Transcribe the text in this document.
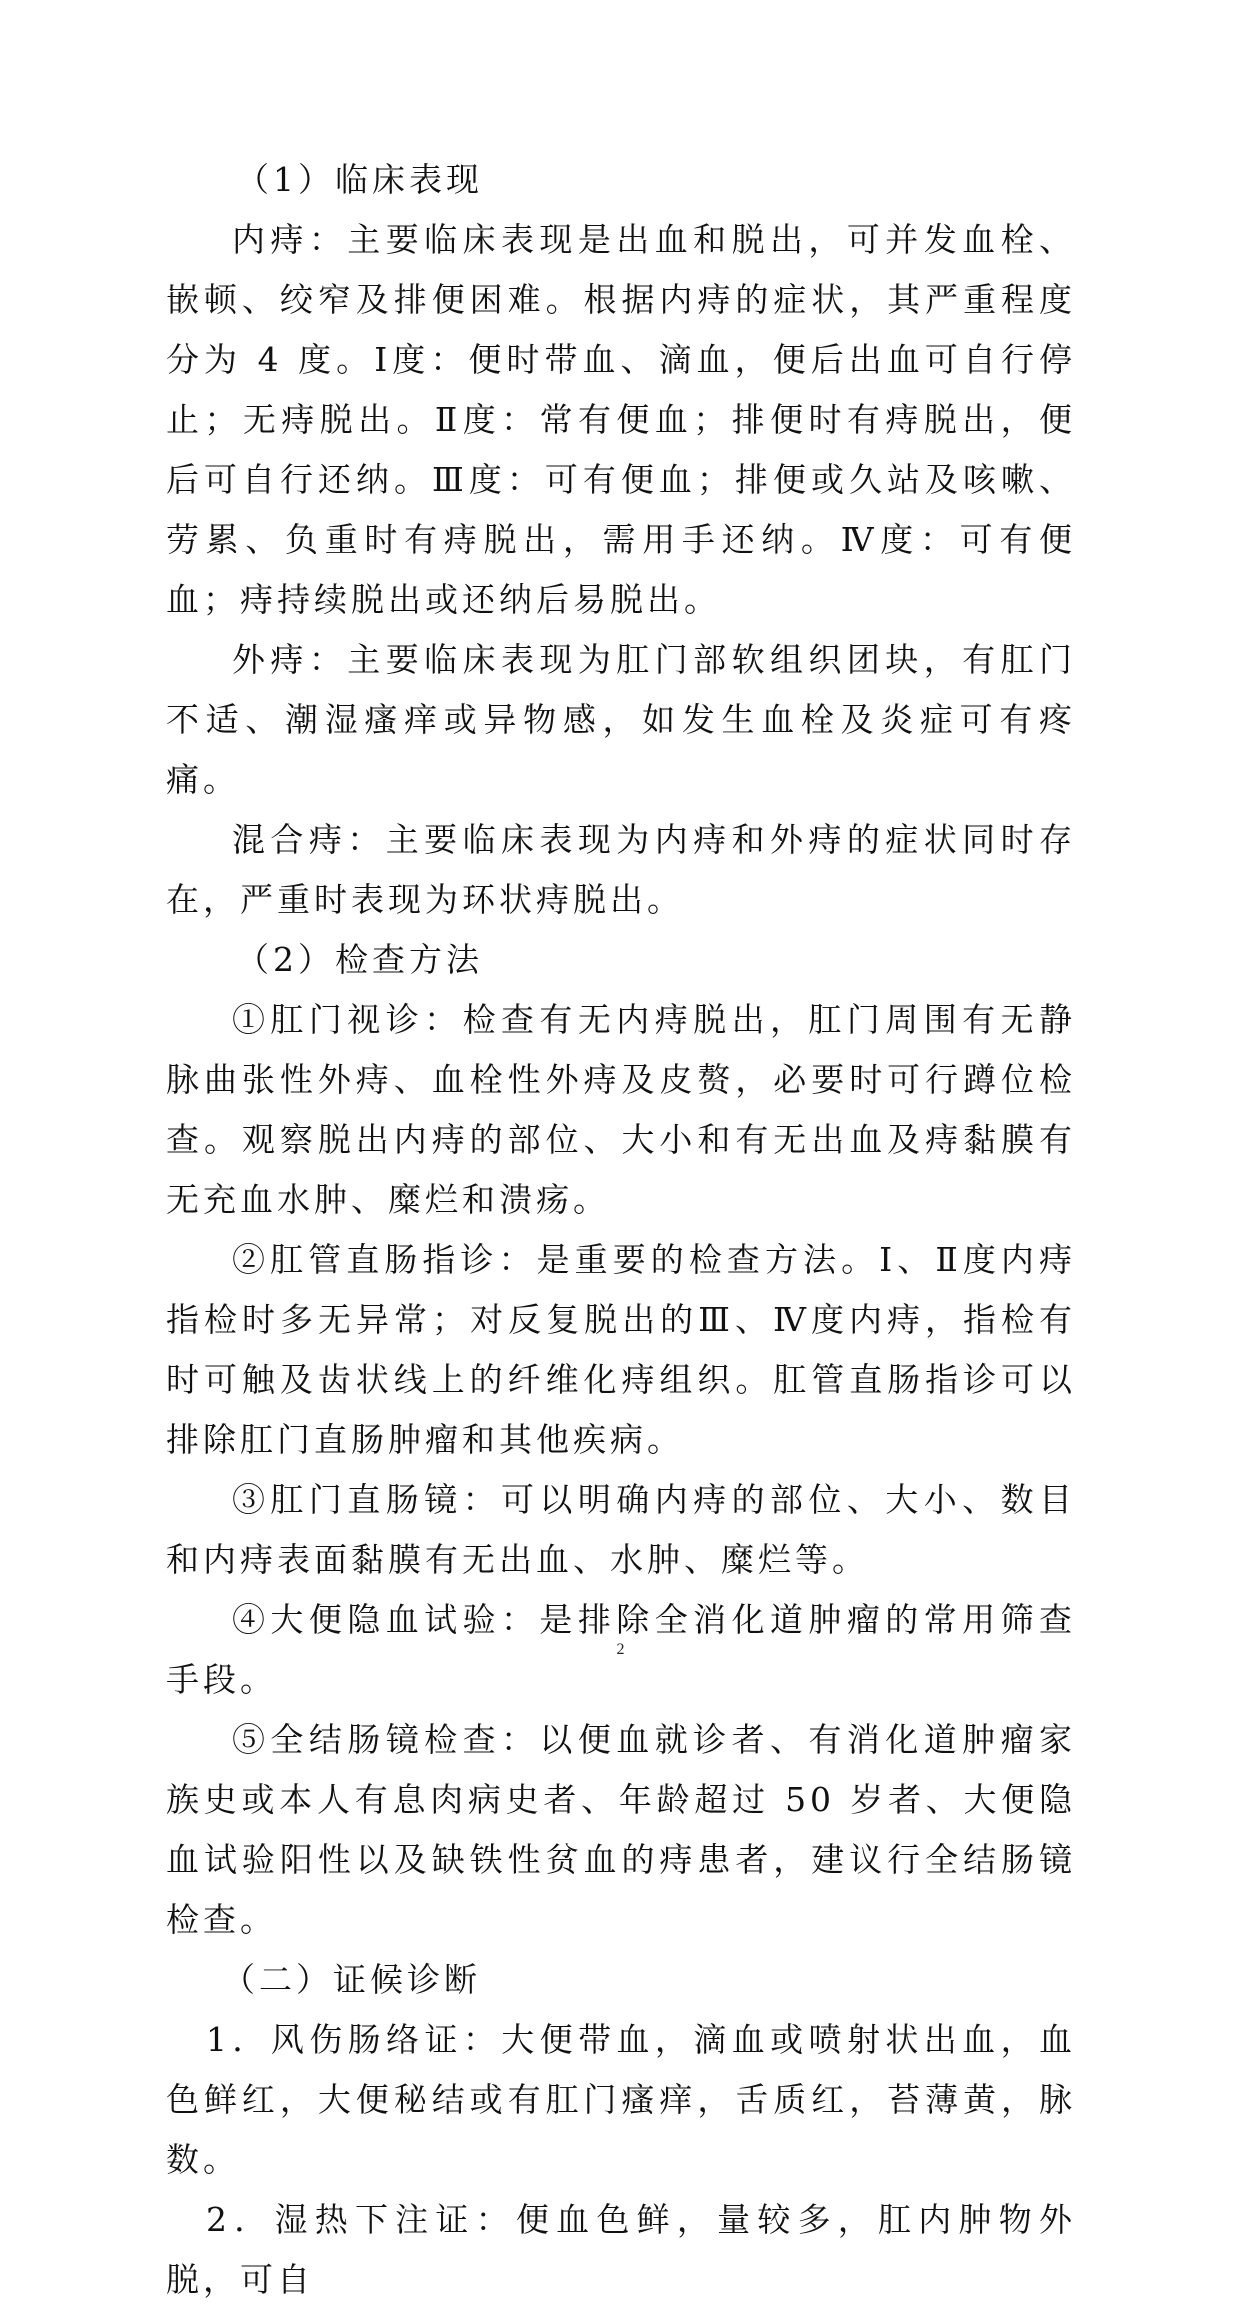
（1）临床表现

内痔：主要临床表现是出血和脱出，可并发血栓、嵌顿、绞窄及排便困难。根据内痔的症状，其严重程度分为 4 度。Ⅰ度：便时带血、滴血，便后出血可自行停止；无痔脱出。Ⅱ度：常有便血；排便时有痔脱出，便后可自行还纳。Ⅲ度：可有便血；排便或久站及咳嗽、劳累、负重时有痔脱出，需用手还纳。Ⅳ度：可有便血；痔持续脱出或还纳后易脱出。

外痔：主要临床表现为肛门部软组织团块，有肛门不适、潮湿瘙痒或异物感，如发生血栓及炎症可有疼痛。

混合痔：主要临床表现为内痔和外痔的症状同时存在，严重时表现为环状痔脱出。

（2）检查方法

①肛门视诊：检查有无内痔脱出，肛门周围有无静脉曲张性外痔、血栓性外痔及皮赘，必要时可行蹲位检查。观察脱出内痔的部位、大小和有无出血及痔黏膜有无充血水肿、糜烂和溃疡。

②肛管直肠指诊：是重要的检查方法。Ⅰ、Ⅱ度内痔指检时多无异常；对反复脱出的Ⅲ、Ⅳ度内痔，指检有时可触及齿状线上的纤维化痔组织。肛管直肠指诊可以排除肛门直肠肿瘤和其他疾病。

③肛门直肠镜：可以明确内痔的部位、大小、数目和内痔表面黏膜有无出血、水肿、糜烂等。

④大便隐血试验：是排除全消化道肿瘤的常用筛查手段。

⑤全结肠镜检查：以便血就诊者、有消化道肿瘤家族史或本人有息肉病史者、年龄超过 50 岁者、大便隐血试验阳性以及缺铁性贫血的痔患者，建议行全结肠镜检查。

（二）证候诊断

1．风伤肠络证：大便带血，滴血或喷射状出血，血色鲜红，大便秘结或有肛门瘙痒，舌质红，苔薄黄，脉数。

2．湿热下注证：便血色鲜，量较多，肛内肿物外脱，可自

2
